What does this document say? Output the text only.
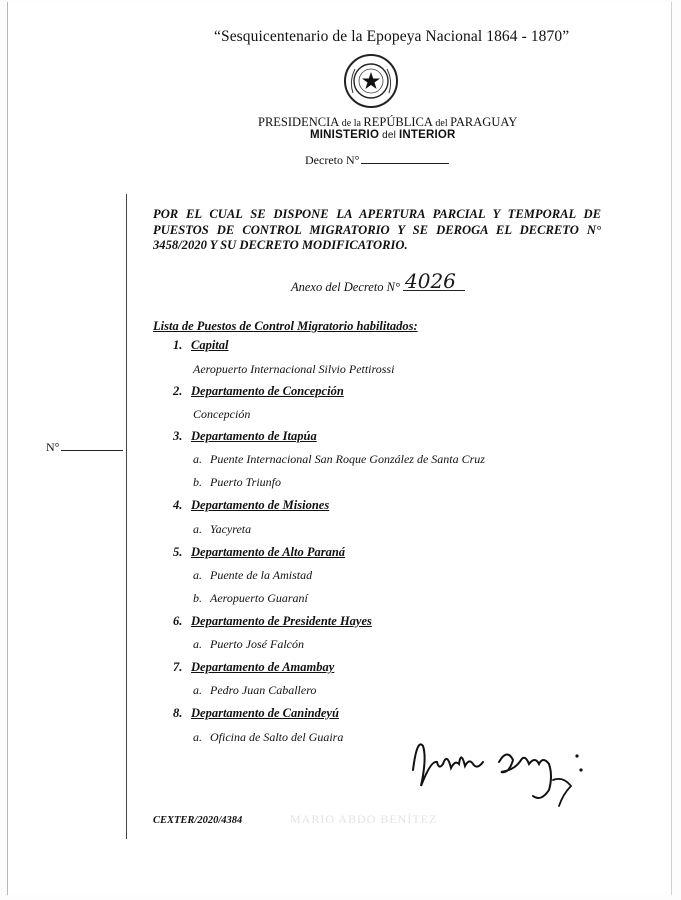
“Sesquicentenario de la Epopeya Nacional 1864 - 1870”
PRESIDENCIA de la REPÚBLICA del PARAGUAY
MINISTERIO del INTERIOR
Decreto N°
N°
POR EL CUAL SE DISPONE LA APERTURA PARCIAL Y TEMPORAL DE PUESTOS DE CONTROL MIGRATORIO Y SE DEROGA EL DECRETO N° 3458/2020 Y SU DECRETO MODIFICATORIO.
Anexo del Decreto N° 4026
Lista de Puestos de Control Migratorio habilitados:
1. Capital
Aeropuerto Internacional Silvio Pettirossi
2. Departamento de Concepción
Concepción
3. Departamento de Itapúa
a. Puente Internacional San Roque González de Santa Cruz
b. Puerto Triunfo
4. Departamento de Misiones
a. Yacyreta
5. Departamento de Alto Paraná
a. Puente de la Amistad
b. Aeropuerto Guaraní
6. Departamento de Presidente Hayes
a. Puerto José Falcón
7. Departamento de Amambay
a. Pedro Juan Caballero
8. Departamento de Canindeyú
a. Oficina de Salto del Guaira
MARIO ABDO BENÍTEZ
CEXTER/2020/4384
